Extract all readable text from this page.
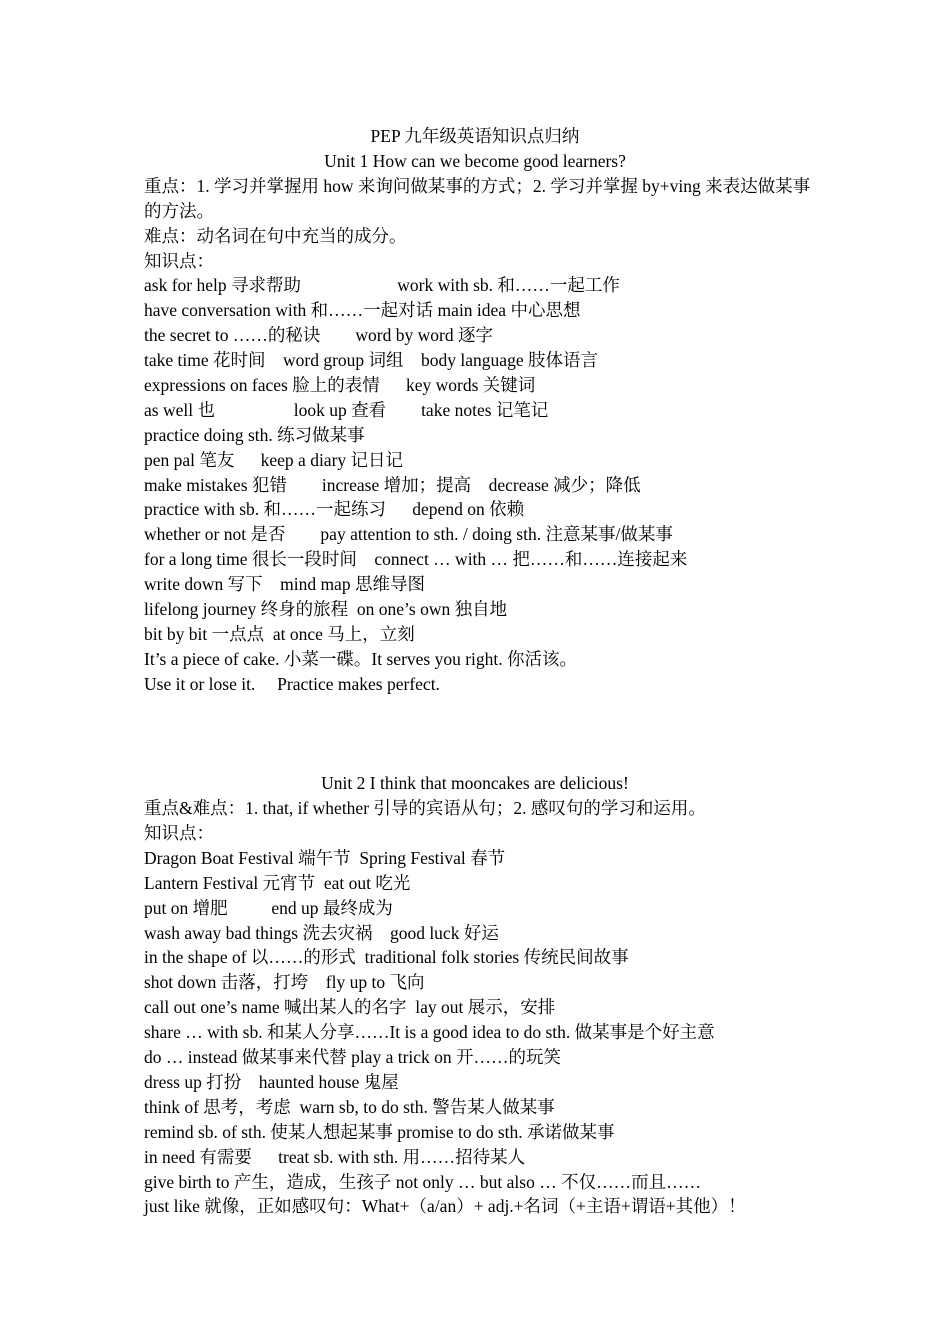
PEP 九年级英语知识点归纳
Unit 1 How can we become good learners?
重点：1. 学习并掌握用 how 来询问做某事的方式；2. 学习并掌握 by+ving 来表达做某事的方法。
难点：动名词在句中充当的成分。
知识点：
ask for help 寻求帮助                      work with sb. 和……一起工作
have conversation with 和……一起对话 main idea 中心思想
the secret to ……的秘诀        word by word 逐字
take time 花时间    word group 词组    body language 肢体语言
expressions on faces 脸上的表情      key words 关键词
as well 也                  look up 查看        take notes 记笔记
practice doing sth. 练习做某事
pen pal 笔友      keep a diary 记日记
make mistakes 犯错        increase 增加；提高    decrease 减少；降低
practice with sb. 和……一起练习      depend on 依赖
whether or not 是否        pay attention to sth. / doing sth. 注意某事/做某事
for a long time 很长一段时间    connect … with … 把……和……连接起来
write down 写下    mind map 思维导图
lifelong journey 终身的旅程  on one’s own 独自地
bit by bit 一点点  at once 马上，立刻
It’s a piece of cake. 小菜一碟。It serves you right. 你活该。
Use it or lose it.     Practice makes perfect.
Unit 2 I think that mooncakes are delicious!
重点&难点：1. that, if whether 引导的宾语从句；2. 感叹句的学习和运用。
知识点：
Dragon Boat Festival 端午节  Spring Festival 春节
Lantern Festival 元宵节  eat out 吃光
put on 增肥          end up 最终成为
wash away bad things 洗去灾祸    good luck 好运
in the shape of 以……的形式  traditional folk stories 传统民间故事
shot down 击落，打垮    fly up to 飞向
call out one’s name 喊出某人的名字  lay out 展示，安排
share … with sb. 和某人分享……It is a good idea to do sth. 做某事是个好主意
do … instead 做某事来代替 play a trick on 开……的玩笑
dress up 打扮    haunted house 鬼屋
think of 思考，考虑  warn sb, to do sth. 警告某人做某事
remind sb. of sth. 使某人想起某事 promise to do sth. 承诺做某事
in need 有需要      treat sb. with sth. 用……招待某人
give birth to 产生，造成，生孩子 not only … but also … 不仅……而且……
just like 就像，正如感叹句：What+（a/an）+ adj.+名词（+主语+谓语+其他）！
